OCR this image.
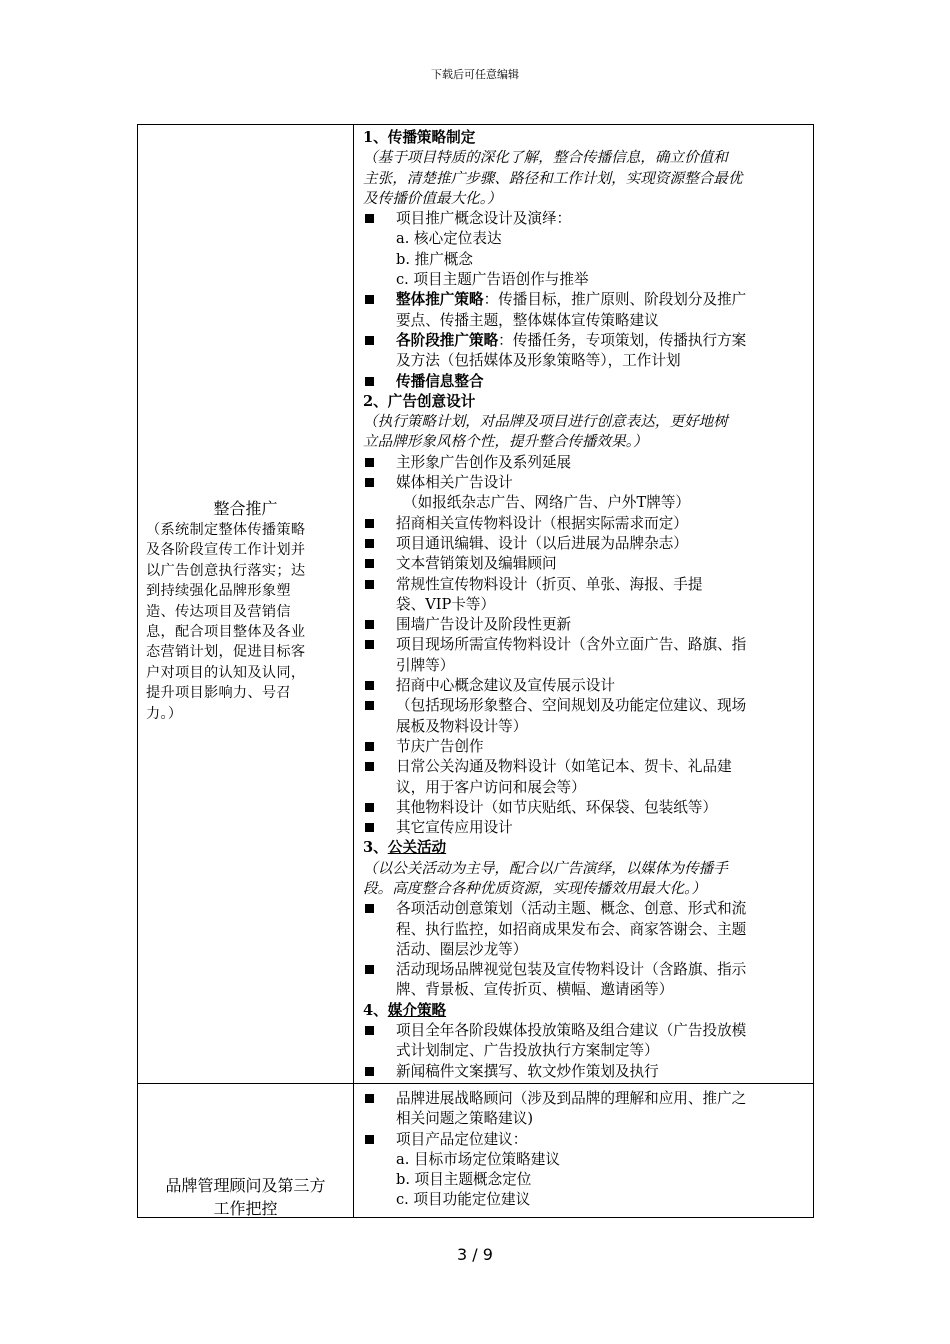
下载后可任意编辑
整合推广
（系统制定整体传播策略
及各阶段宣传工作计划并
以广告创意执行落实；达
到持续强化品牌形象塑
造、传达项目及营销信
息，配合项目整体及各业
态营销计划，促进目标客
户对项目的认知及认同，
提升项目影响力、号召
力。）
1、传播策略制定
（基于项目特质的深化了解，整合传播信息，确立价值和
主张，清楚推广步骤、路径和工作计划，实现资源整合最优
及传播价值最大化。）
项目推广概念设计及演绎：
a. 核心定位表达
b. 推广概念
c. 项目主题广告语创作与推举
整体推广策略：传播目标，推广原则、阶段划分及推广
要点、传播主题，整体媒体宣传策略建议
各阶段推广策略：传播任务，专项策划，传播执行方案
及方法（包括媒体及形象策略等），工作计划
传播信息整合
2、广告创意设计
（执行策略计划，对品牌及项目进行创意表达，更好地树
立品牌形象风格个性，提升整合传播效果。）
主形象广告创作及系列延展
媒体相关广告设计
（如报纸杂志广告、网络广告、户外T牌等）
招商相关宣传物料设计（根据实际需求而定）
项目通讯编辑、设计（以后进展为品牌杂志）
文本营销策划及编辑顾问
常规性宣传物料设计（折页、单张、海报、手提
袋、VIP卡等）
围墙广告设计及阶段性更新
项目现场所需宣传物料设计（含外立面广告、路旗、指
引牌等）
招商中心概念建议及宣传展示设计
（包括现场形象整合、空间规划及功能定位建议、现场
展板及物料设计等）
节庆广告创作
日常公关沟通及物料设计（如笔记本、贺卡、礼品建
议，用于客户访问和展会等）
其他物料设计（如节庆贴纸、环保袋、包装纸等）
其它宣传应用设计
3、公关活动
（以公关活动为主导，配合以广告演绎，以媒体为传播手
段。高度整合各种优质资源，实现传播效用最大化。）
各项活动创意策划（活动主题、概念、创意、形式和流
程、执行监控，如招商成果发布会、商家答谢会、主题
活动、圈层沙龙等）
活动现场品牌视觉包装及宣传物料设计（含路旗、指示
牌、背景板、宣传折页、横幅、邀请函等）
4、媒介策略
项目全年各阶段媒体投放策略及组合建议（广告投放模
式计划制定、广告投放执行方案制定等）
新闻稿件文案撰写、软文炒作策划及执行
品牌管理顾问及第三方
工作把控
品牌进展战略顾问（涉及到品牌的理解和应用、推广之
相关问题之策略建议)
项目产品定位建议：
a. 目标市场定位策略建议
b. 项目主题概念定位
c. 项目功能定位建议
3 / 9
